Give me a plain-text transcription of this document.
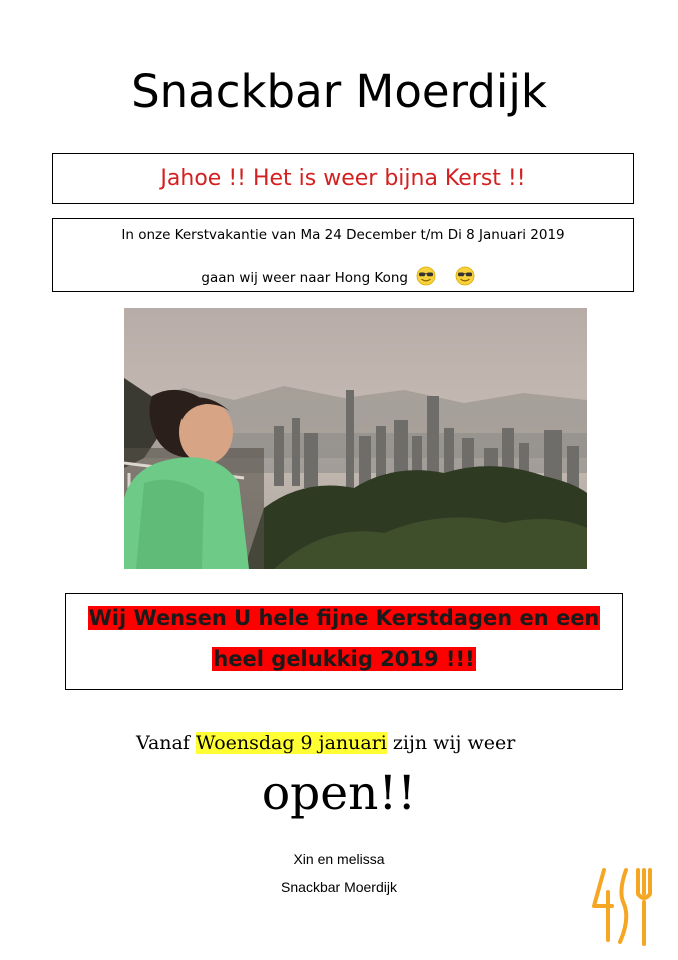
Snackbar Moerdijk
Jahoe !! Het is weer bijna Kerst !!
In onze Kerstvakantie van Ma 24 December t/m Di 8 Januari 2019
gaan wij weer naar Hong Kong
Wij Wensen U hele fijne Kerstdagen en een
heel gelukkig 2019 !!!
Vanaf Woensdag 9 januari zijn wij weer
open!!
Xin en melissa
Snackbar Moerdijk
